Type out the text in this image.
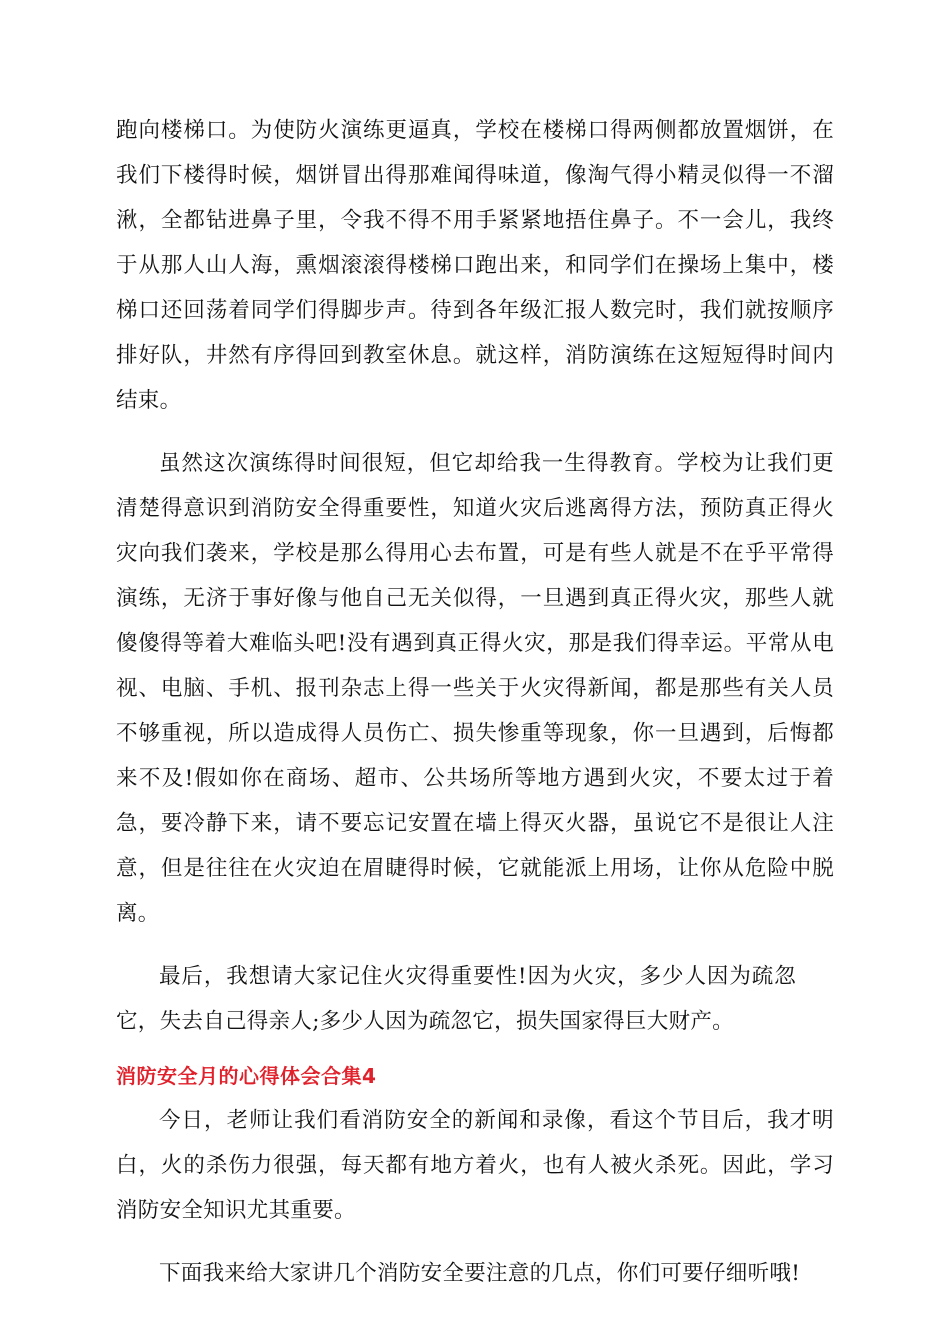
跑向楼梯口。为使防火演练更逼真，学校在楼梯口得两侧都放置烟饼，在我们下楼得时候，烟饼冒出得那难闻得味道，像淘气得小精灵似得一不溜湫，全都钻进鼻子里，令我不得不用手紧紧地捂住鼻子。不一会儿，我终于从那人山人海，熏烟滚滚得楼梯口跑出来，和同学们在操场上集中，楼梯口还回荡着同学们得脚步声。待到各年级汇报人数完时，我们就按顺序排好队，井然有序得回到教室休息。就这样，消防演练在这短短得时间内结束。

虽然这次演练得时间很短，但它却给我一生得教育。学校为让我们更清楚得意识到消防安全得重要性，知道火灾后逃离得方法，预防真正得火灾向我们袭来，学校是那么得用心去布置，可是有些人就是不在乎平常得演练，无济于事好像与他自己无关似得，一旦遇到真正得火灾，那些人就傻傻得等着大难临头吧!没有遇到真正得火灾，那是我们得幸运。平常从电视、电脑、手机、报刊杂志上得一些关于火灾得新闻，都是那些有关人员不够重视，所以造成得人员伤亡、损失惨重等现象，你一旦遇到，后悔都来不及!假如你在商场、超市、公共场所等地方遇到火灾，不要太过于着急，要冷静下来，请不要忘记安置在墙上得灭火器，虽说它不是很让人注意，但是往往在火灾迫在眉睫得时候，它就能派上用场，让你从危险中脱离。

最后，我想请大家记住火灾得重要性!因为火灾，多少人因为疏忽它，失去自己得亲人;多少人因为疏忽它，损失国家得巨大财产。

消防安全月的心得体会合集4

今日，老师让我们看消防安全的新闻和录像，看这个节目后，我才明白，火的杀伤力很强，每天都有地方着火，也有人被火杀死。因此，学习消防安全知识尤其重要。

下面我来给大家讲几个消防安全要注意的几点，你们可要仔细听哦!
